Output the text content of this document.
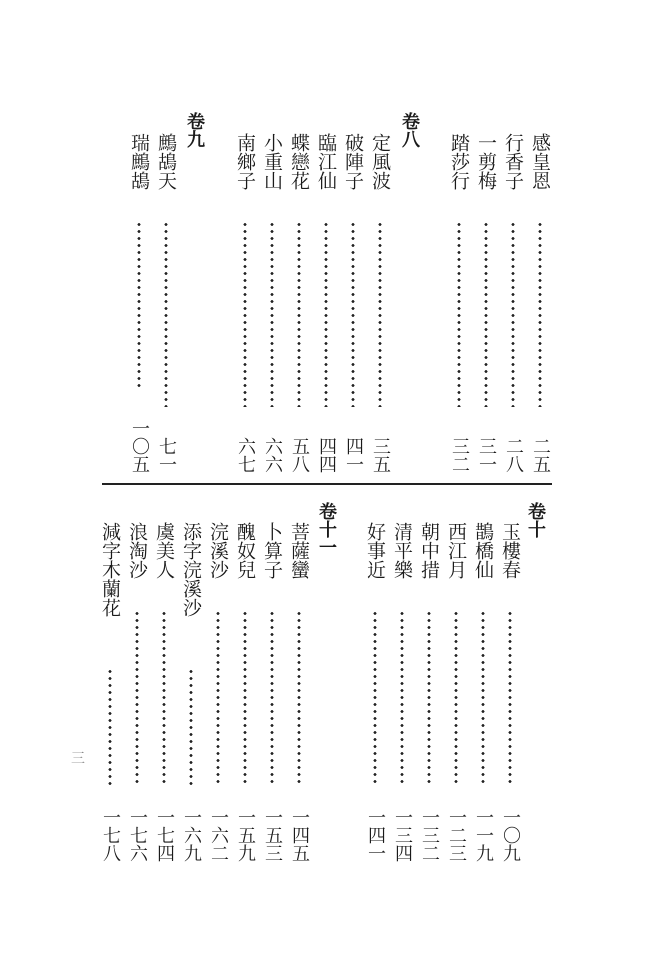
卷八
感皇恩
二五
行香子
二八
一剪梅
三一
踏莎行
三二
定風波
三五
破陣子
四一
臨江仙
四四
蝶戀花
五八
小重山
六六
南鄉子
六七
卷九
鷓鴣天
七一
瑞鷓鴣
一〇五
卷十
玉樓春
一〇九
鵲橋仙
一一九
西江月
一二三
朝中措
一三二
清平樂
一三四
好事近
一四一
卷十一
菩薩蠻
一四五
卜算子
一五三
醜奴兒
一五九
浣溪沙
一六二
添字浣溪沙
一六九
虞美人
一七四
浪淘沙
一七六
減字木蘭花
一七八
三
